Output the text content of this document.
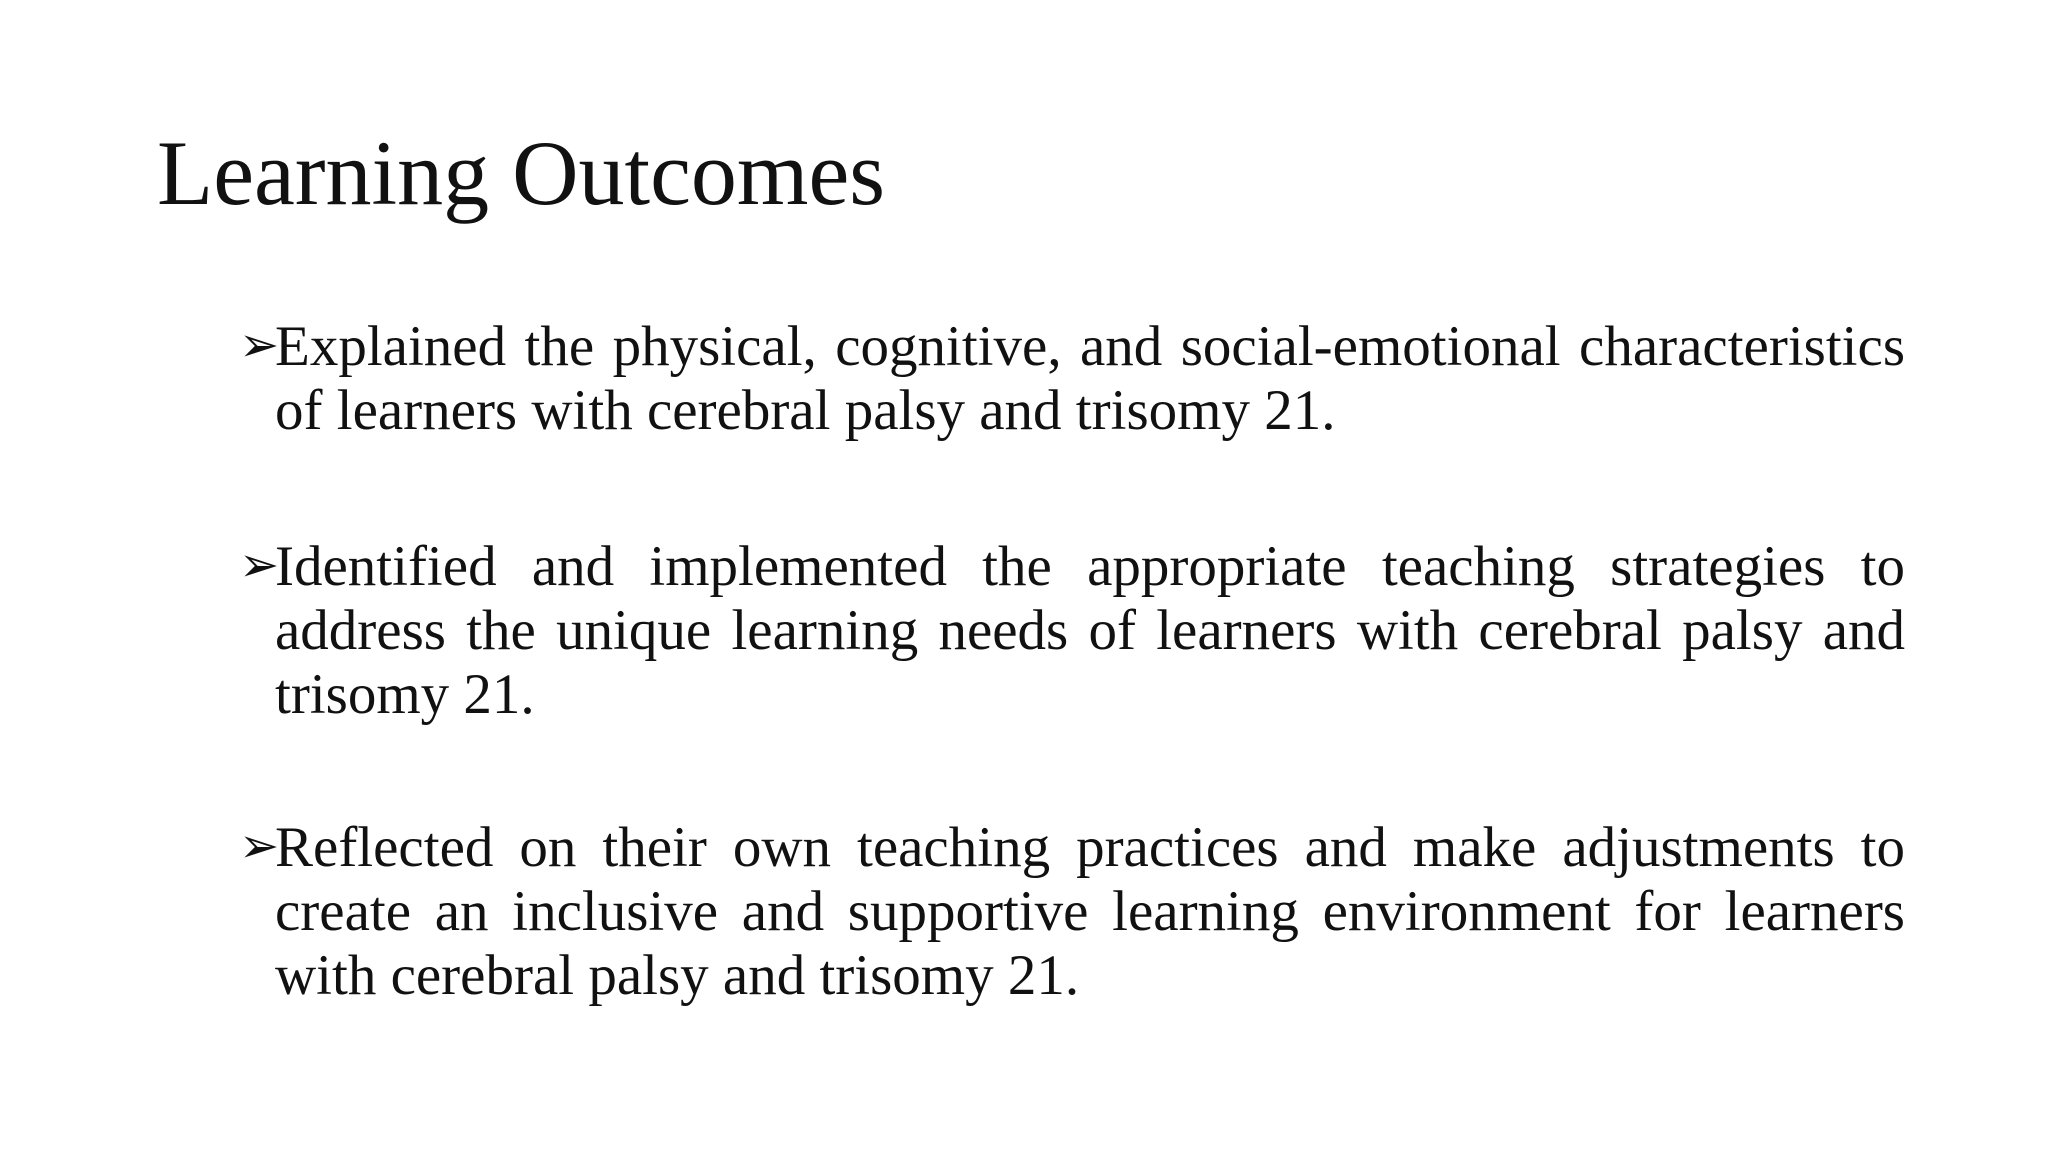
Learning Outcomes
➢Explained the physical, cognitive, and social-emotional characteristics of learners with cerebral palsy and trisomy 21.
➢Identified and implemented the appropriate teaching strategies to address the unique learning needs of learners with cerebral palsy and trisomy 21.
➢Reflected on their own teaching practices and make adjustments to create an inclusive and supportive learning environment for learners with cerebral palsy and trisomy 21.
